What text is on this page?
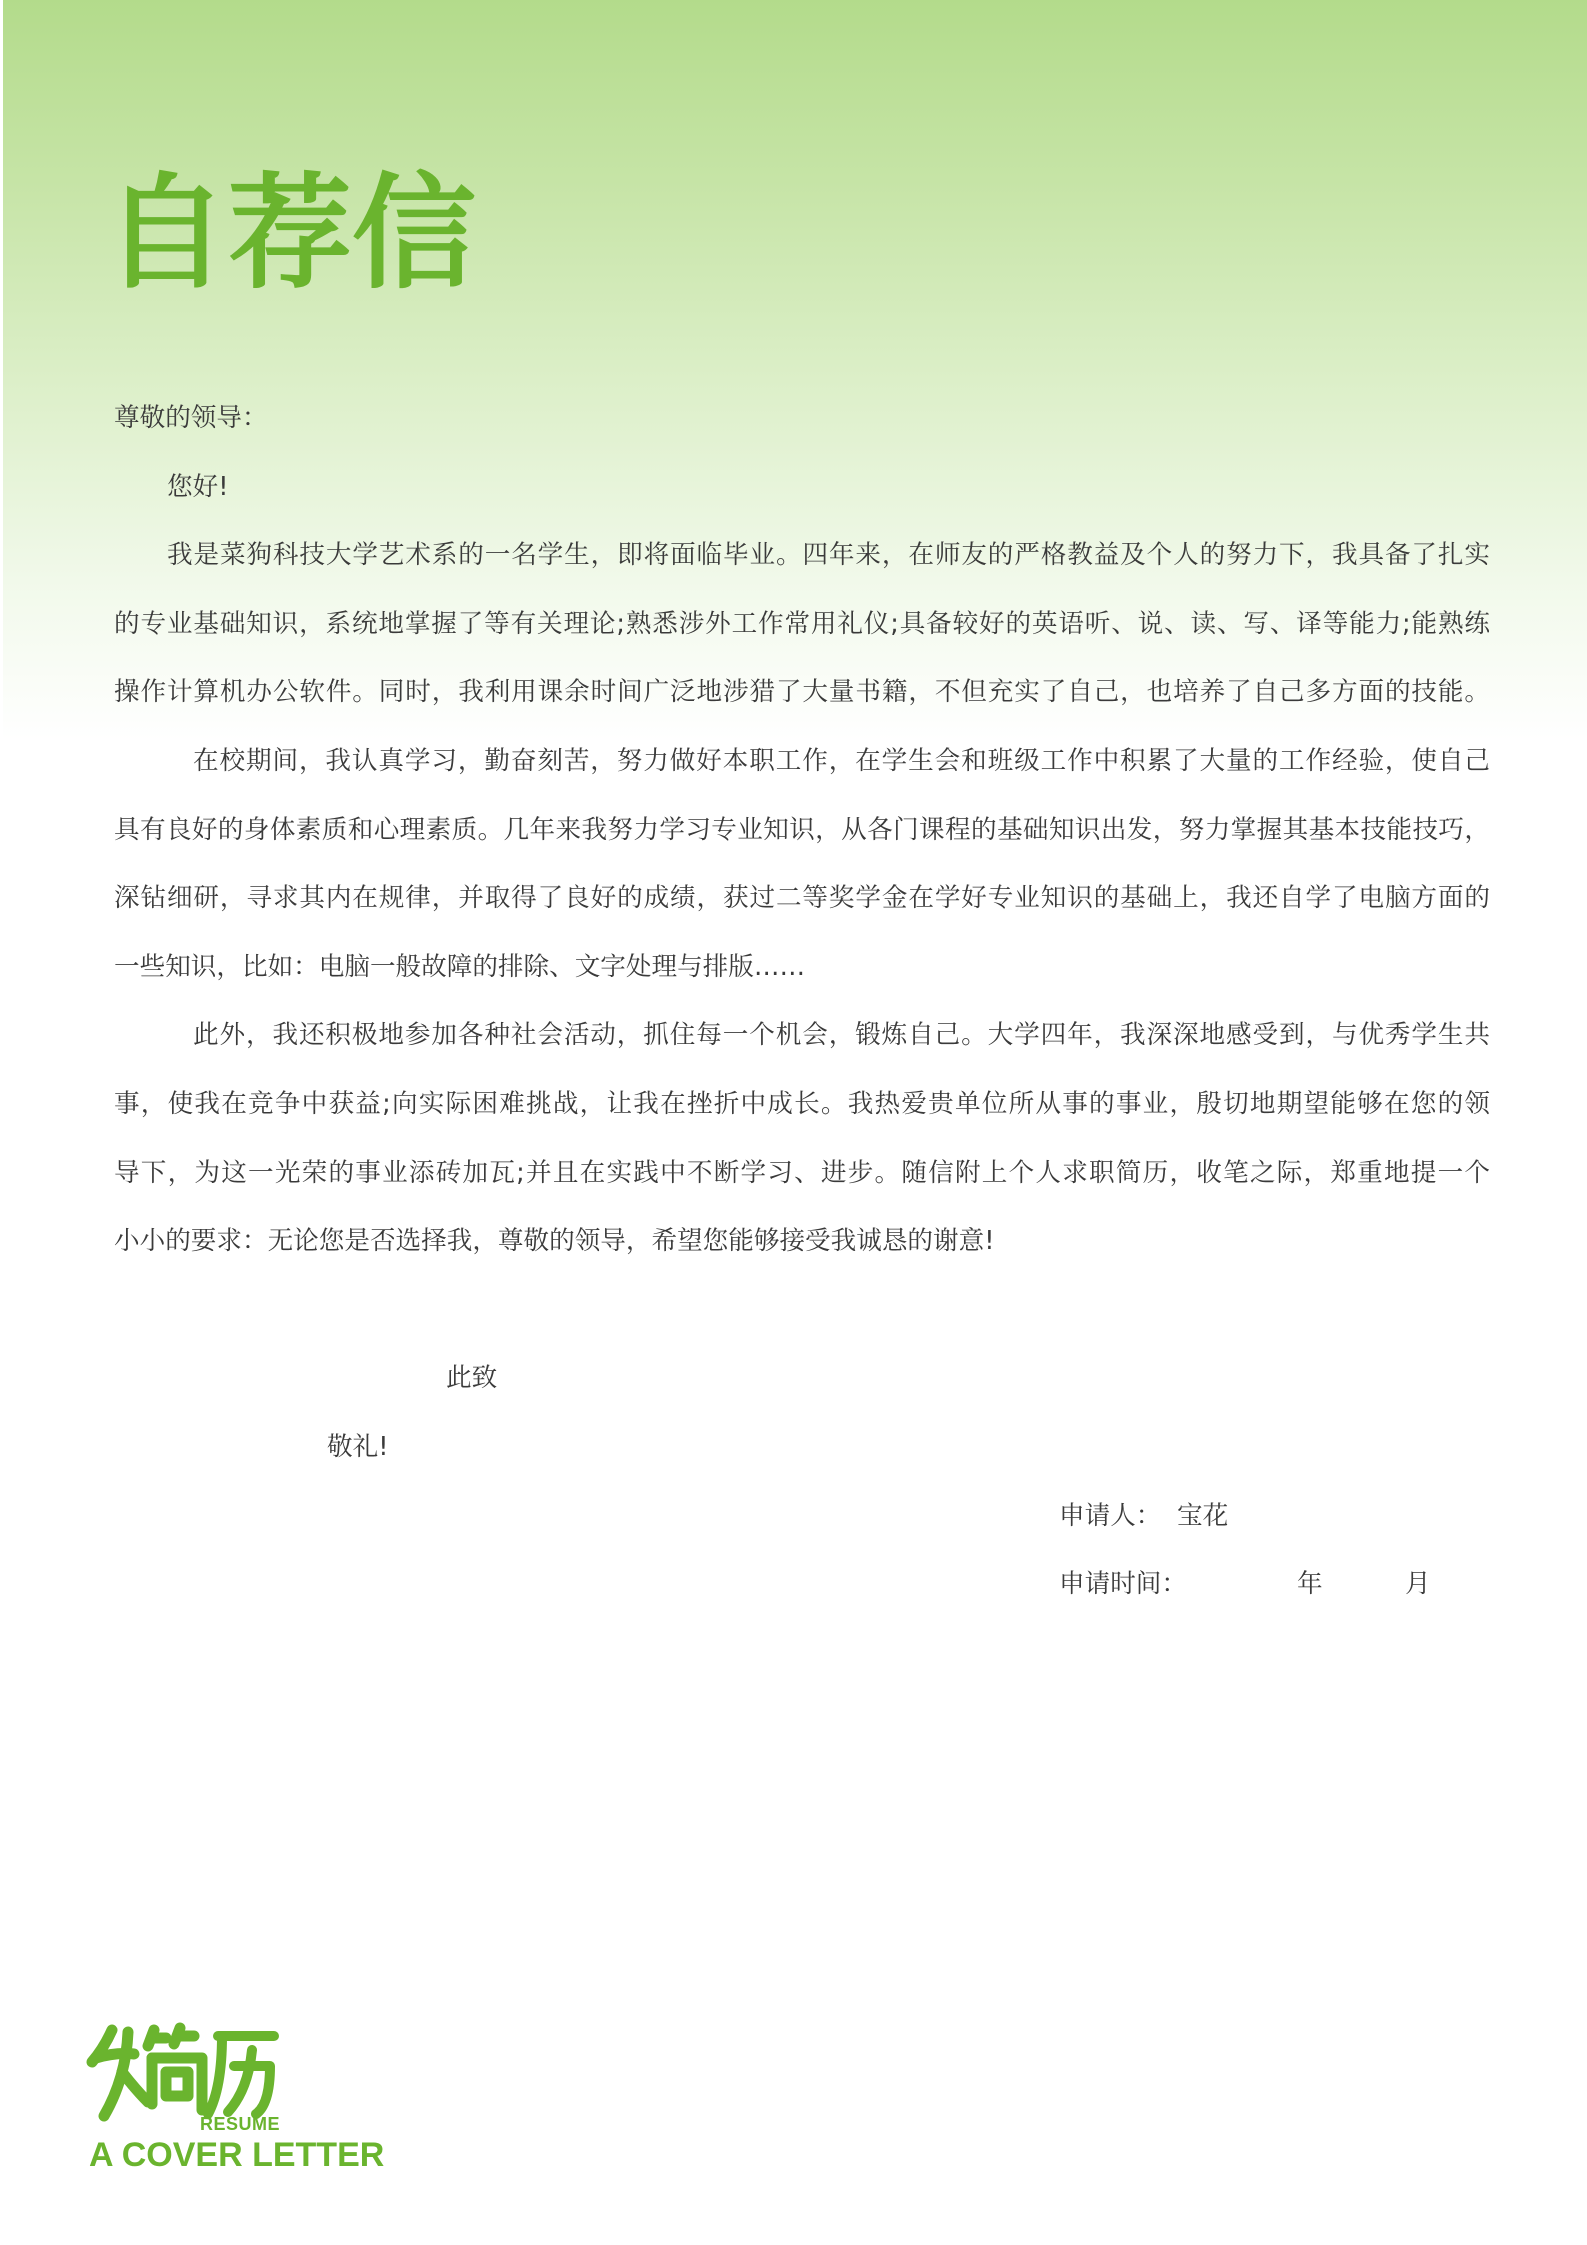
自荐信
尊敬的领导：
您好!
我是菜狗科技大学艺术系的一名学生，即将面临毕业。四年来，在师友的严格教益及个人的努力下，我具备了扎实
的专业基础知识，系统地掌握了等有关理论;熟悉涉外工作常用礼仪;具备较好的英语听、说、读、写、译等能力;能熟练
操作计算机办公软件。同时，我利用课余时间广泛地涉猎了大量书籍，不但充实了自己，也培养了自己多方面的技能。
在校期间，我认真学习，勤奋刻苦，努力做好本职工作，在学生会和班级工作中积累了大量的工作经验，使自己
具有良好的身体素质和心理素质。几年来我努力学习专业知识，从各门课程的基础知识出发，努力掌握其基本技能技巧，
深钻细研，寻求其内在规律，并取得了良好的成绩，获过二等奖学金在学好专业知识的基础上，我还自学了电脑方面的
一些知识，比如：电脑一般故障的排除、文字处理与排版……
此外，我还积极地参加各种社会活动，抓住每一个机会，锻炼自己。大学四年，我深深地感受到，与优秀学生共
事，使我在竞争中获益;向实际困难挑战，让我在挫折中成长。我热爱贵单位所从事的事业，殷切地期望能够在您的领
导下，为这一光荣的事业添砖加瓦;并且在实践中不断学习、进步。随信附上个人求职简历，收笔之际，郑重地提一个
小小的要求：无论您是否选择我，尊敬的领导，希望您能够接受我诚恳的谢意!
此致
敬礼!
申请人： 宝花
申请时间：	年	月
RESUME
A COVER LETTER
